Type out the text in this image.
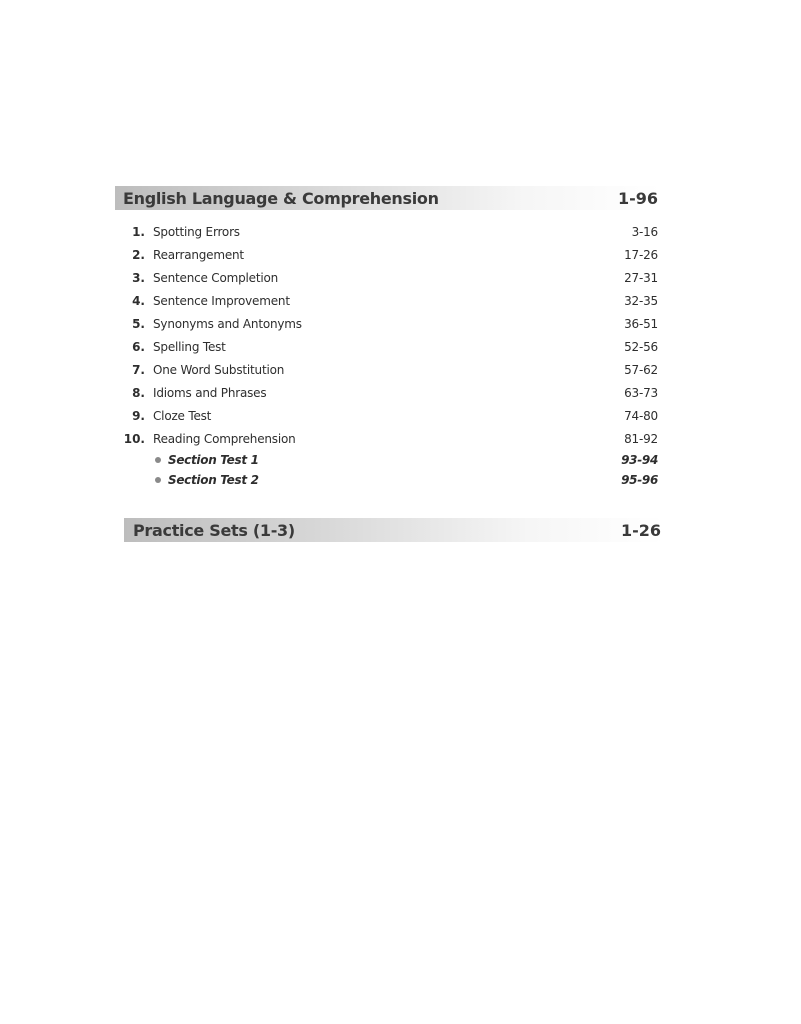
English Language & Comprehension	1-96
1. Spotting Errors	3-16
2. Rearrangement	17-26
3. Sentence Completion	27-31
4. Sentence Improvement	32-35
5. Synonyms and Antonyms	36-51
6. Spelling Test	52-56
7. One Word Substitution	57-62
8. Idioms and Phrases	63-73
9. Cloze Test	74-80
10. Reading Comprehension	81-92
Section Test 1	93-94
Section Test 2	95-96
Practice Sets (1-3)	1-26
